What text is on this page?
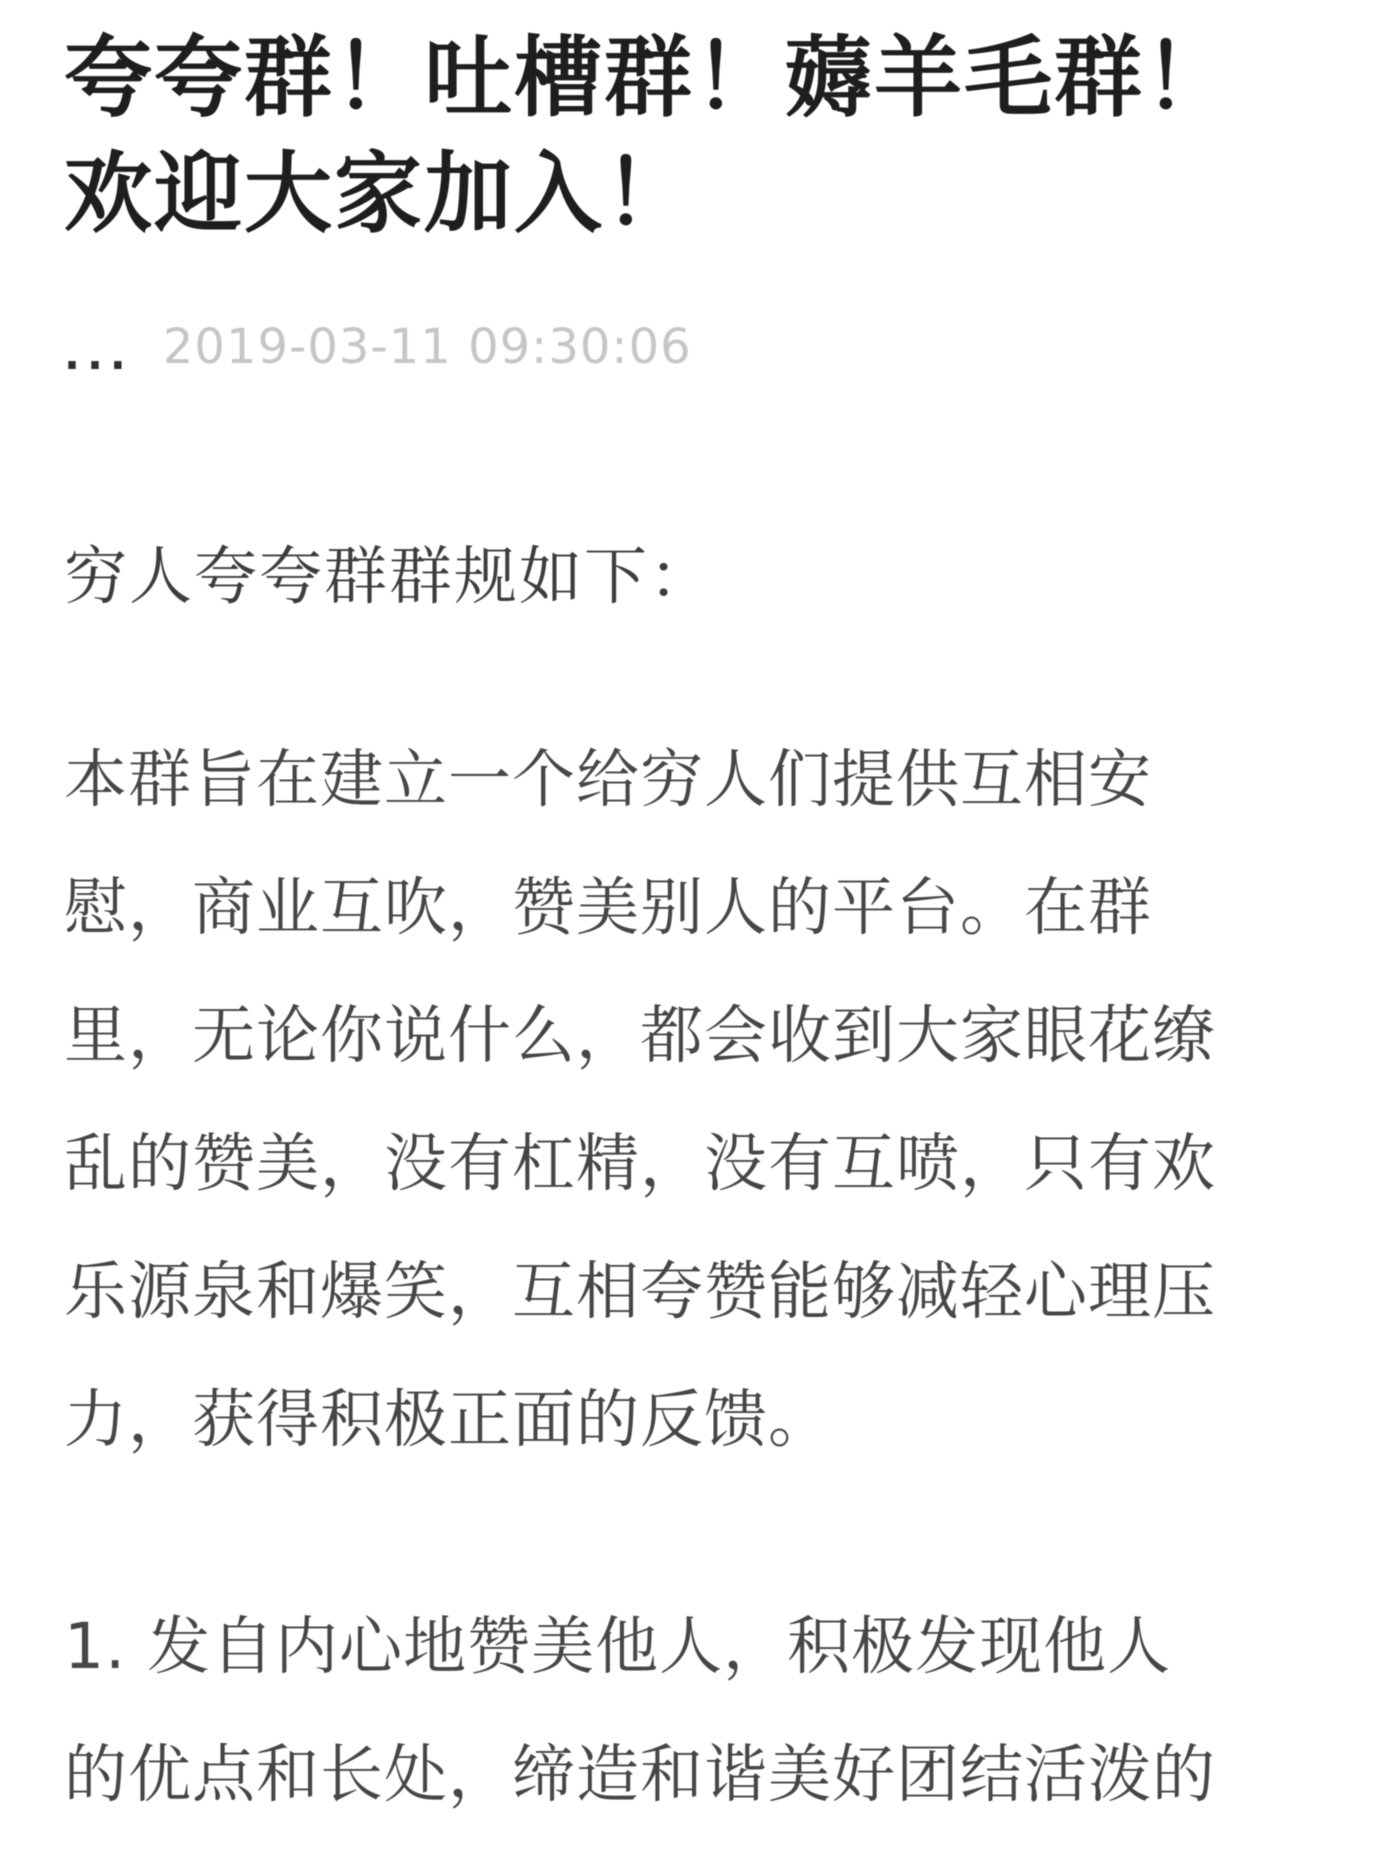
夸夸群！吐槽群！薅羊毛群！
欢迎大家加入！
... 2019-03-11 09:30:06

穷人夸夸群群规如下：

本群旨在建立一个给穷人们提供互相安
慰，商业互吹，赞美别人的平台。在群
里，无论你说什么，都会收到大家眼花缭
乱的赞美，没有杠精，没有互喷，只有欢
乐源泉和爆笑，互相夸赞能够减轻心理压
力，获得积极正面的反馈。

1. 发自内心地赞美他人，积极发现他人
的优点和长处，缔造和谐美好团结活泼的
